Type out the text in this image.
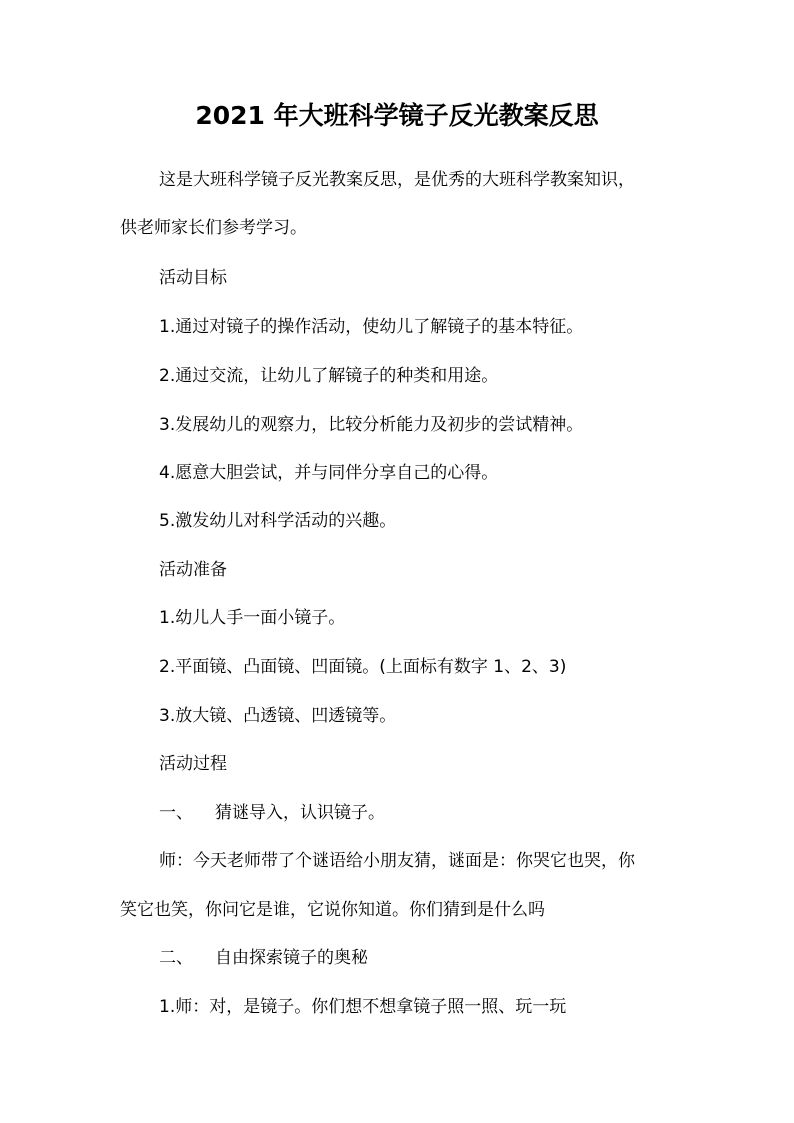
2021 年大班科学镜子反光教案反思
这是大班科学镜子反光教案反思，是优秀的大班科学教案知识，
供老师家长们参考学习。
活动目标
1.通过对镜子的操作活动，使幼儿了解镜子的基本特征。
2.通过交流，让幼儿了解镜子的种类和用途。
3.发展幼儿的观察力，比较分析能力及初步的尝试精神。
4.愿意大胆尝试，并与同伴分享自己的心得。
5.激发幼儿对科学活动的兴趣。
活动准备
1.幼儿人手一面小镜子。
2.平面镜、凸面镜、凹面镜。(上面标有数字 1、2、3)
3.放大镜、凸透镜、凹透镜等。
活动过程
一、 猜谜导入，认识镜子。
师：今天老师带了个谜语给小朋友猜，谜面是：你哭它也哭，你
笑它也笑，你问它是谁，它说你知道。你们猜到是什么吗
二、 自由探索镜子的奥秘
1.师：对，是镜子。你们想不想拿镜子照一照、玩一玩
